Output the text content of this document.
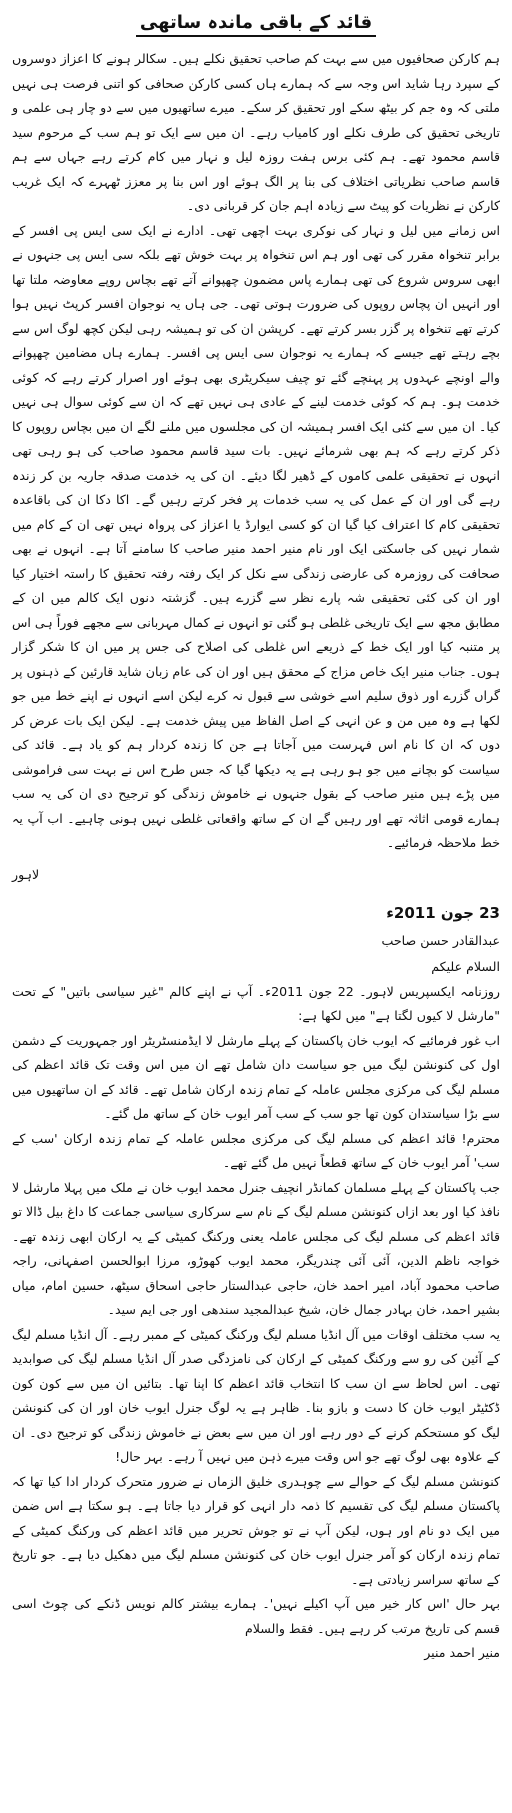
قائد کے باقی ماندہ ساتھی

ہم کارکن صحافیوں میں سے بہت کم صاحب تحقیق نکلے ہیں۔ سکالر ہونے کا اعزاز دوسروں کے سپرد رہا شاید اس وجہ سے کہ ہمارے ہاں کسی کارکن صحافی کو اتنی فرصت ہی نہیں ملتی کہ وہ جم کر بیٹھ سکے اور تحقیق کر سکے۔ میرے ساتھیوں میں سے دو چار ہی علمی و تاریخی تحقیق کی طرف نکلے اور کامیاب رہے۔ ان میں سے ایک تو ہم سب کے مرحوم سید قاسم محمود تھے۔ ہم کئی برس ہفت روزہ لیل و نہار میں کام کرتے رہے جہاں سے ہم قاسم صاحب نظریاتی اختلاف کی بنا پر الگ ہوئے اور اس بنا پر معزز ٹھہرے کہ ایک غریب کارکن نے نظریات کو پیٹ سے زیادہ اہم جان کر قربانی دی۔

اس زمانے میں لیل و نہار کی نوکری بہت اچھی تھی۔ ادارے نے ایک سی ایس پی افسر کے برابر تنخواہ مقرر کی تھی اور ہم اس تنخواہ پر بہت خوش تھے بلکہ سی ایس پی جنہوں نے ابھی سروس شروع کی تھی ہمارے پاس مضمون چھپوانے آتے تھے بچاس روپے معاوضہ ملتا تھا اور انہیں ان پچاس روپوں کی ضرورت ہوتی تھی۔ جی ہاں یہ نوجوان افسر کرپٹ نہیں ہوا کرتے تھے تنخواہ پر گزر بسر کرتے تھے۔ کرپشن ان کی تو ہمیشہ رہی لیکن کچھ لوگ اس سے بچے رہتے تھے جیسے کہ ہمارے یہ نوجوان سی ایس پی افسر۔ ہمارے ہاں مضامین چھپوانے والے اونچے عہدوں پر پہنچے گئے تو چیف سیکریٹری بھی ہوئے اور اصرار کرتے رہے کہ کوئی خدمت ہو۔ ہم کہ کوئی خدمت لینے کے عادی ہی نہیں تھے کہ ان سے کوئی سوال ہی نہیں کیا۔ ان میں سے کئی ایک افسر ہمیشہ ان کی مجلسوں میں ملنے لگے ان میں بچاس روپوں کا ذکر کرتے رہے کہ ہم بھی شرمائے نہیں۔ بات سید قاسم محمود صاحب کی ہو رہی تھی انہوں نے تحقیقی علمی کاموں کے ڈھیر لگا دیئے۔ ان کی یہ خدمت صدقہ جاریہ بن کر زندہ رہے گی اور ان کے عمل کی یہ سب خدمات پر فخر کرتے رہیں گے۔ اکا دکا ان کی باقاعدہ تحقیقی کام کا اعتراف کیا گیا ان کو کسی ایوارڈ یا اعزاز کی پرواہ نہیں تھی ان کے کام میں شمار نہیں کی جاسکتی ایک اور نام منیر احمد منیر صاحب کا سامنے آتا ہے۔ انہوں نے بھی صحافت کی روزمرہ کی عارضی زندگی سے نکل کر ایک رفتہ رفتہ تحقیق کا راستہ اختیار کیا اور ان کی کئی تحقیقی شہ پارے نظر سے گزرے ہیں۔ گزشتہ دنوں ایک کالم میں ان کے مطابق مجھ سے ایک تاریخی غلطی ہو گئی تو انہوں نے کمال مہربانی سے مجھے فوراً ہی اس پر متنبہ کیا اور ایک خط کے ذریعے اس غلطی کی اصلاح کی جس پر میں ان کا شکر گزار ہوں۔ جناب منیر ایک خاص مزاج کے محقق ہیں اور ان کی عام زبان شاید قارئین کے ذہنوں پر گراں گزرے اور ذوق سلیم اسے خوشی سے قبول نہ کرے لیکن اسے انہوں نے اپنے خط میں جو لکھا ہے وہ میں من و عن انہی کے اصل الفاظ میں پیش خدمت ہے۔ لیکن ایک بات عرض کر دوں کہ ان کا نام اس فہرست میں آجاتا ہے جن کا زندہ کردار ہم کو یاد ہے۔ قائد کی سیاست کو بچانے میں جو ہو رہی ہے یہ دیکھا گیا کہ جس طرح اس نے بہت سی فراموشی میں پڑے ہیں منیر صاحب کے بقول جنہوں نے خاموش زندگی کو ترجیح دی ان کی یہ سب ہمارے قومی اثاثہ تھے اور رہیں گے ان کے ساتھ واقعاتی غلطی نہیں ہونی چاہیے۔ اب آپ یہ خط ملاحظہ فرمائیے۔

لاہور

23 جون 2011ء

عبدالقادر حسن صاحب

السلام علیکم

روزنامہ ایکسپریس لاہور۔ 22 جون 2011ء۔ آپ نے اپنے کالم "غیر سیاسی باتیں" کے تحت "مارشل لا کیوں لگتا ہے" میں لکھا ہے:

اب غور فرمائیے کہ ایوب خان پاکستان کے پہلے مارشل لا ایڈمنسٹریٹر اور جمہوریت کے دشمن اول کی کنونشن لیگ میں جو سیاست دان شامل تھے ان میں اس وقت تک قائد اعظم کی مسلم لیگ کی مرکزی مجلس عاملہ کے تمام زندہ ارکان شامل تھے۔ قائد کے ان ساتھیوں میں سے بڑا سیاستدان کون تھا جو سب کے سب آمر ایوب خان کے ساتھ مل گئے۔

محترم! قائد اعظم کی مسلم لیگ کی مرکزی مجلس عاملہ کے تمام زندہ ارکان 'سب کے سب' آمر ایوب خان کے ساتھ قطعاً نہیں مل گئے تھے۔

جب پاکستان کے پہلے مسلمان کمانڈر انچیف جنرل محمد ایوب خان نے ملک میں پہلا مارشل لا نافذ کیا اور بعد ازاں کنونشن مسلم لیگ کے نام سے سرکاری سیاسی جماعت کا داغ بیل ڈالا تو قائد اعظم کی مسلم لیگ کی مجلس عاملہ یعنی ورکنگ کمیٹی کے یہ ارکان ابھی زندہ تھے۔ خواجہ ناظم الدین، آئی آئی چندریگر، محمد ایوب کھوڑو، مرزا ابوالحسن اصفہانی، راجہ صاحب محمود آباد، امیر احمد خان، حاجی عبدالستار حاجی اسحاق سیٹھ، حسین امام، میاں بشیر احمد، خان بہادر جمال خان، شیخ عبدالمجید سندھی اور جی ایم سید۔

یہ سب مختلف اوقات میں آل انڈیا مسلم لیگ ورکنگ کمیٹی کے ممبر رہے۔ آل انڈیا مسلم لیگ کے آئین کی رو سے ورکنگ کمیٹی کے ارکان کی نامزدگی صدر آل انڈیا مسلم لیگ کی صوابدید تھی۔ اس لحاظ سے ان سب کا انتخاب قائد اعظم کا اپنا تھا۔ بتائیں ان میں سے کون کون ڈکٹیٹر ایوب خان کا دست و بازو بنا۔ ظاہر ہے یہ لوگ جنرل ایوب خان اور ان کی کنونشن لیگ کو مستحکم کرنے کے دور رہے اور ان میں سے بعض نے خاموش زندگی کو ترجیح دی۔ ان کے علاوہ بھی لوگ تھے جو اس وقت میرے ذہن میں نہیں آ رہے۔ بہر حال!

کنونشن مسلم لیگ کے حوالے سے چوہدری خلیق الزماں نے ضرور متحرک کردار ادا کیا تھا کہ پاکستان مسلم لیگ کی تقسیم کا ذمہ دار انہی کو قرار دیا جاتا ہے۔ ہو سکتا ہے اس ضمن میں ایک دو نام اور ہوں، لیکن آپ نے تو جوش تحریر میں قائد اعظم کی ورکنگ کمیٹی کے تمام زندہ ارکان کو آمر جنرل ایوب خان کی کنونشن مسلم لیگ میں دھکیل دیا ہے۔ جو تاریخ کے ساتھ سراسر زیادتی ہے۔

بہر حال 'اس کار خیر میں آپ اکیلے نہیں'۔ ہمارے بیشتر کالم نویس ڈنکے کی چوٹ اسی قسم کی تاریخ مرتب کر رہے ہیں۔ فقط والسلام

منیر احمد منیر
